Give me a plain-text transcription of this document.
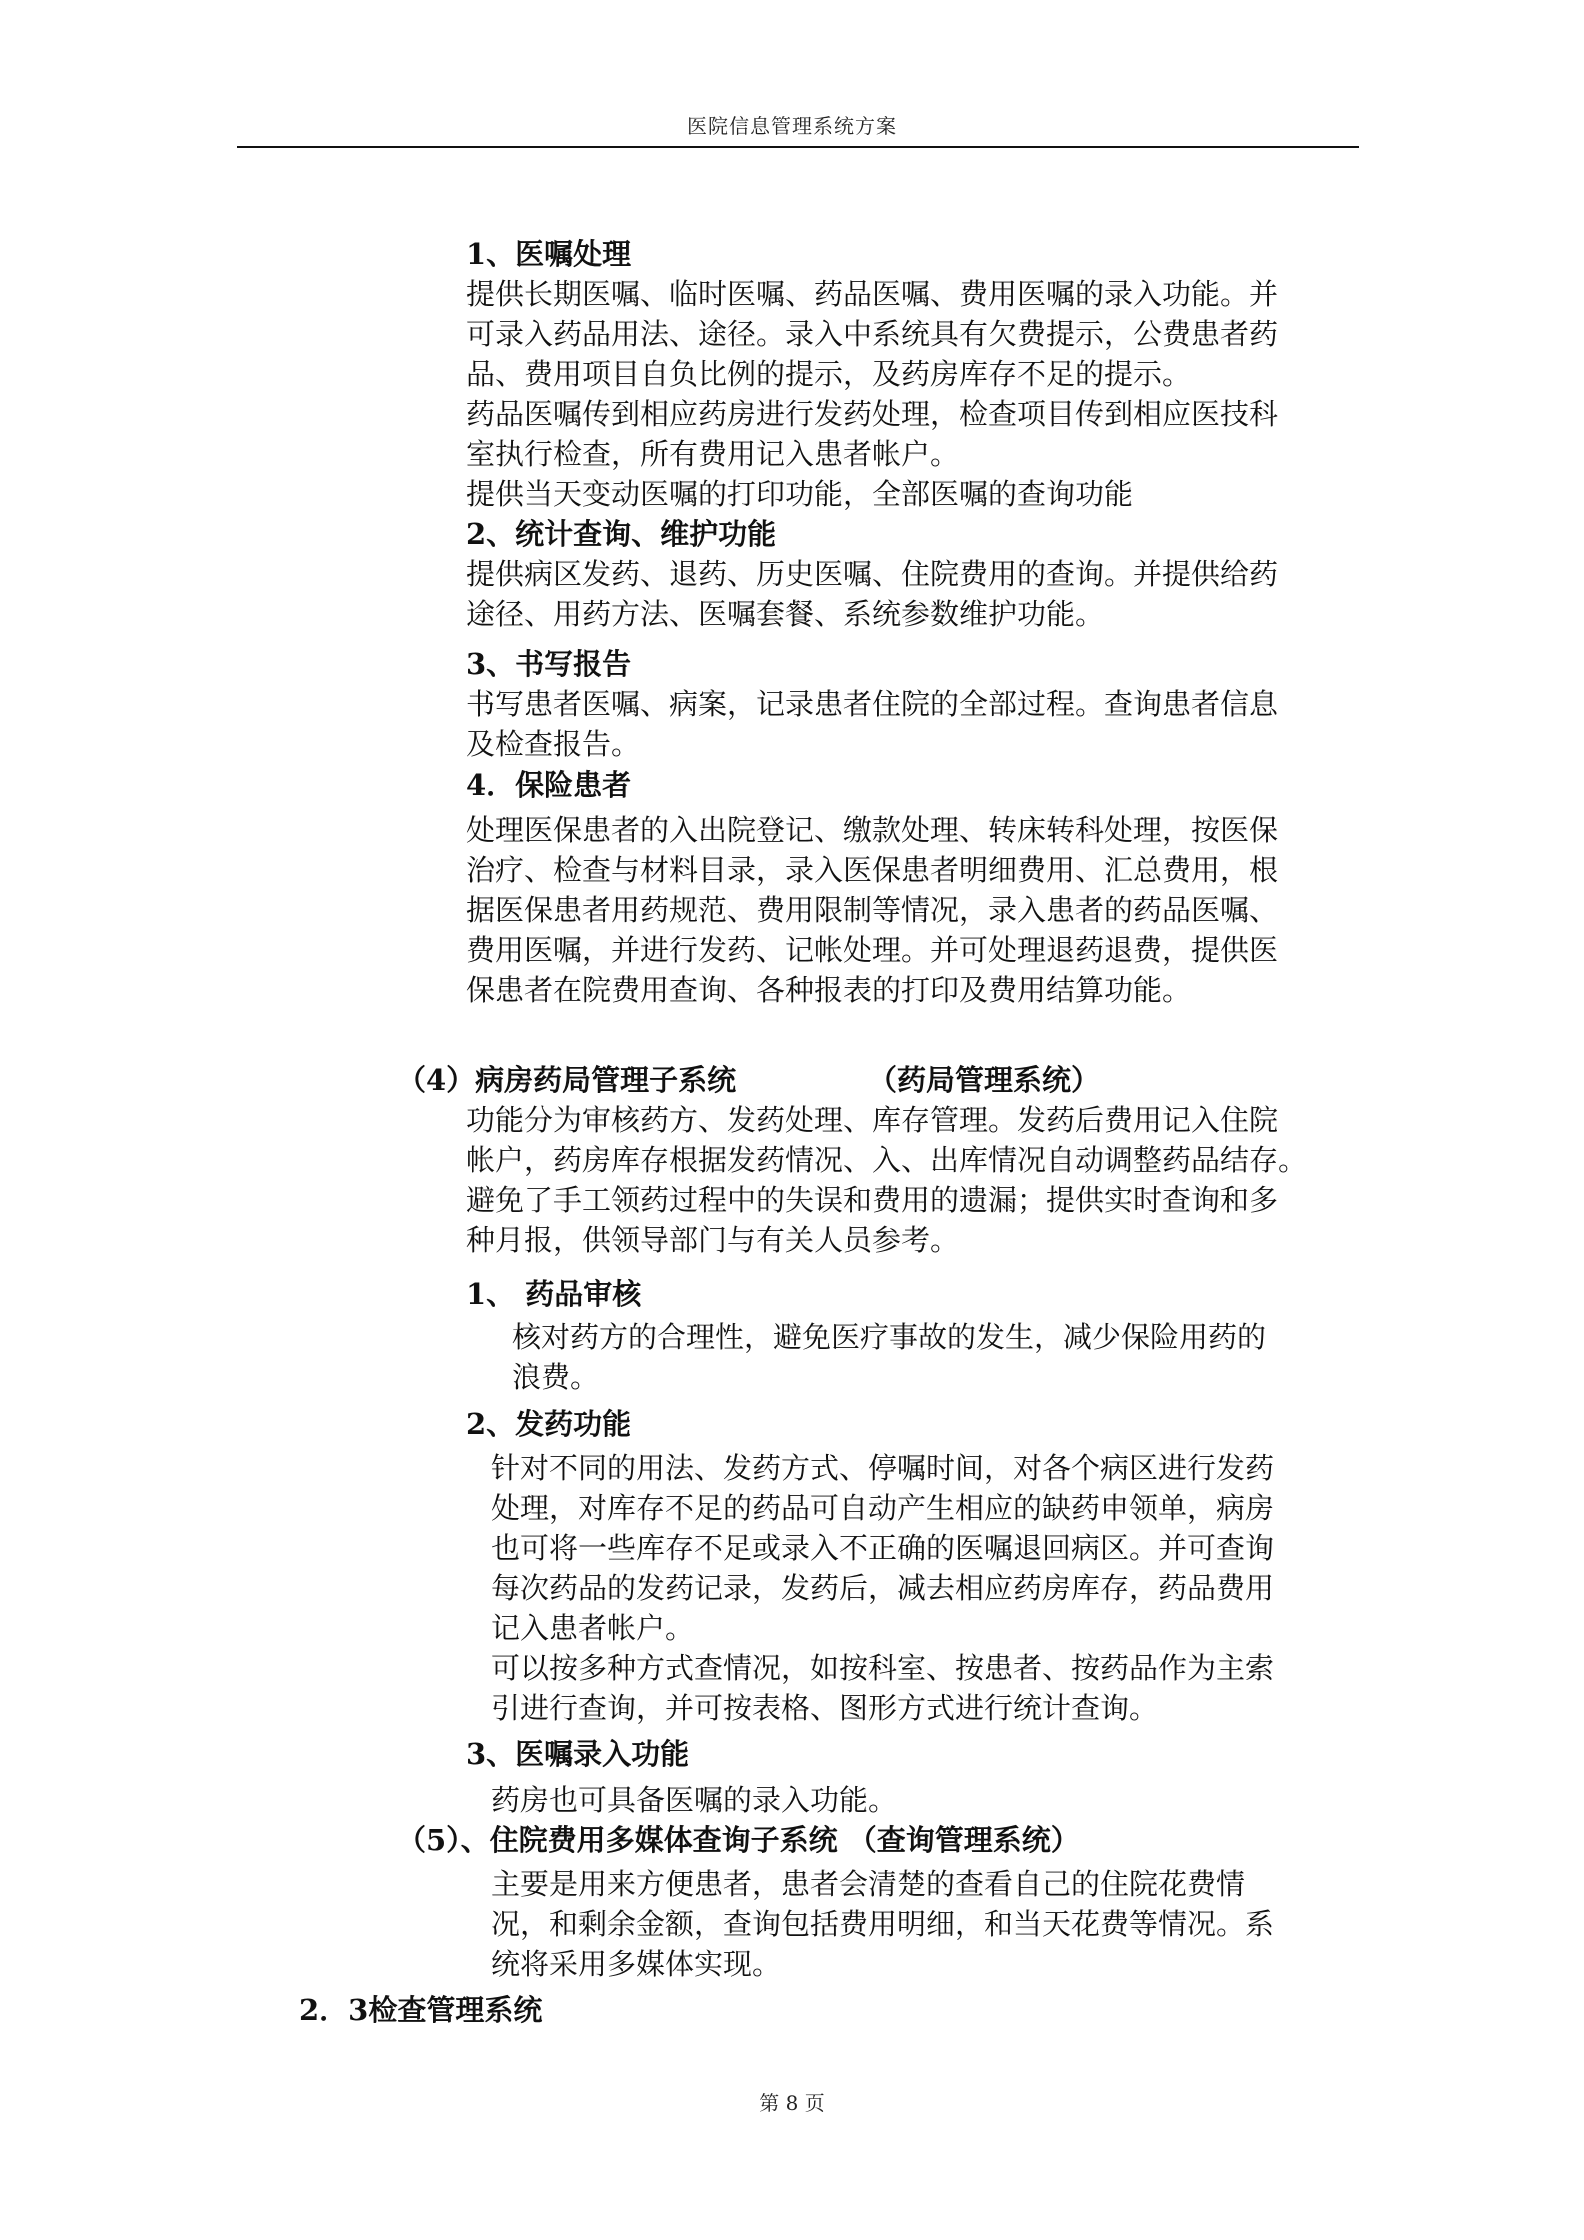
医院信息管理系统方案
1、医嘱处理
提供长期医嘱、临时医嘱、药品医嘱、费用医嘱的录入功能。并
可录入药品用法、途径。录入中系统具有欠费提示，公费患者药
品、费用项目自负比例的提示，及药房库存不足的提示。
药品医嘱传到相应药房进行发药处理，检查项目传到相应医技科
室执行检查，所有费用记入患者帐户。
提供当天变动医嘱的打印功能，全部医嘱的查询功能
2、统计查询、维护功能
提供病区发药、退药、历史医嘱、住院费用的查询。并提供给药
途径、用药方法、医嘱套餐、系统参数维护功能。
3、书写报告
书写患者医嘱、病案，记录患者住院的全部过程。查询患者信息
及检查报告。
4．保险患者
处理医保患者的入出院登记、缴款处理、转床转科处理，按医保
治疗、检查与材料目录，录入医保患者明细费用、汇总费用，根
据医保患者用药规范、费用限制等情况，录入患者的药品医嘱、
费用医嘱，并进行发药、记帐处理。并可处理退药退费，提供医
保患者在院费用查询、各种报表的打印及费用结算功能。
（4）病房药局管理子系统	（药局管理系统）
功能分为审核药方、发药处理、库存管理。发药后费用记入住院
帐户，药房库存根据发药情况、入、出库情况自动调整药品结存。
避免了手工领药过程中的失误和费用的遗漏；提供实时查询和多
种月报，供领导部门与有关人员参考。
1、 药品审核
核对药方的合理性，避免医疗事故的发生，减少保险用药的
浪费。
2、发药功能
针对不同的用法、发药方式、停嘱时间，对各个病区进行发药
处理，对库存不足的药品可自动产生相应的缺药申领单，病房
也可将一些库存不足或录入不正确的医嘱退回病区。并可查询
每次药品的发药记录，发药后，减去相应药房库存，药品费用
记入患者帐户。
可以按多种方式查情况，如按科室、按患者、按药品作为主索
引进行查询，并可按表格、图形方式进行统计查询。
3、医嘱录入功能
药房也可具备医嘱的录入功能。
（5）、住院费用多媒体查询子系统 （查询管理系统）
主要是用来方便患者，患者会清楚的查看自己的住院花费情
况，和剩余金额，查询包括费用明细，和当天花费等情况。系
统将采用多媒体实现。
2．3检查管理系统
第 8 页
